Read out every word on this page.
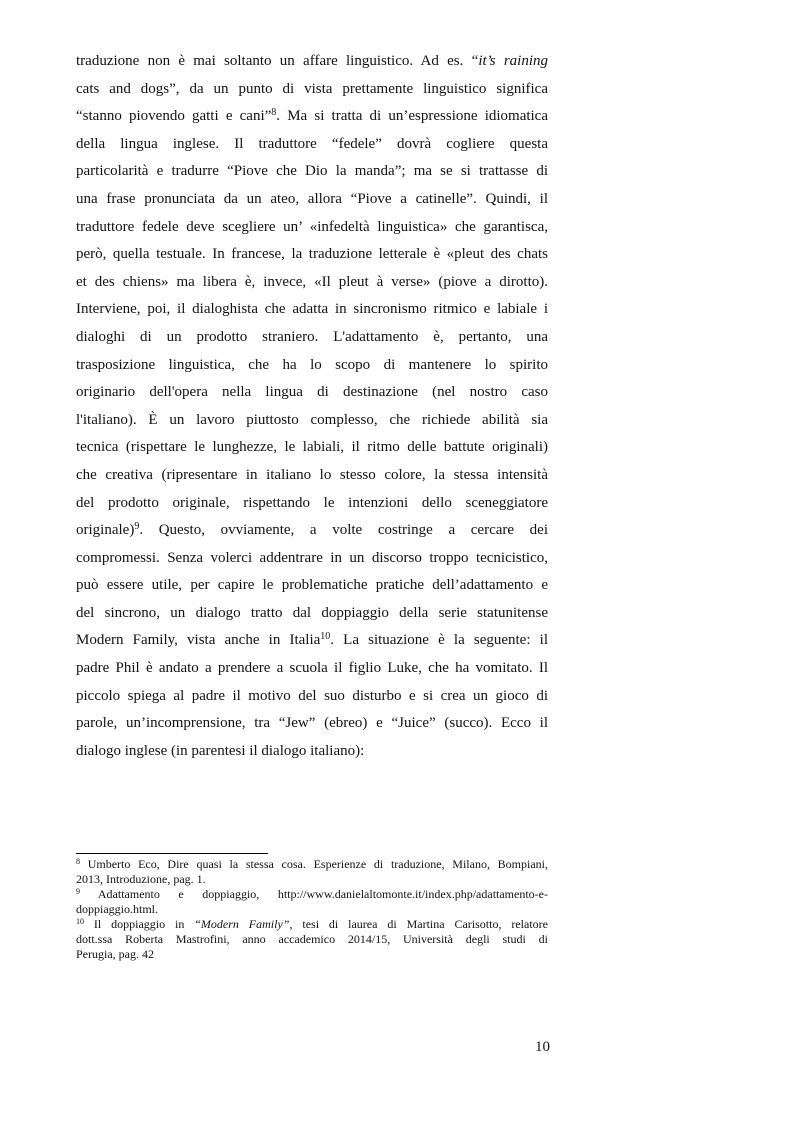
traduzione non è mai soltanto un affare linguistico. Ad es. “it’s raining
cats and dogs”, da un punto di vista prettamente linguistico significa
“stanno piovendo gatti e cani”$^8$. Ma si tratta di un’espressione idiomatica
della lingua inglese. Il traduttore “fedele” dovrà cogliere questa
particolarità e tradurre “Piove che Dio la manda”; ma se si trattasse di
una frase pronunciata da un ateo, allora “Piove a catinelle”. Quindi, il
traduttore fedele deve scegliere un’ «infedeltà linguistica» che garantisca,
però, quella testuale. In francese, la traduzione letterale è «pleut des chats
et des chiens» ma libera è, invece, «Il pleut à verse» (piove a dirotto).
Interviene, poi, il dialoghista che adatta in sincronismo ritmico e labiale i
dialoghi di un prodotto straniero. L'adattamento è, pertanto, una
trasposizione linguistica, che ha lo scopo di mantenere lo spirito
originario dell'opera nella lingua di destinazione (nel nostro caso
l'italiano). È un lavoro piuttosto complesso, che richiede abilità sia
tecnica (rispettare le lunghezze, le labiali, il ritmo delle battute originali)
che creativa (ripresentare in italiano lo stesso colore, la stessa intensità
del prodotto originale, rispettando le intenzioni dello sceneggiatore
originale)$^9$. Questo, ovviamente, a volte costringe a cercare dei
compromessi. Senza volerci addentrare in un discorso troppo tecnicistico,
può essere utile, per capire le problematiche pratiche dell’adattamento e
del sincrono, un dialogo tratto dal doppiaggio della serie statunitense
Modern Family, vista anche in Italia$^{10}$. La situazione è la seguente: il
padre Phil è andato a prendere a scuola il figlio Luke, che ha vomitato. Il
piccolo spiega al padre il motivo del suo disturbo e si crea un gioco di
parole, un’incomprensione, tra “Jew” (ebreo) e “Juice” (succo). Ecco il
dialogo inglese (in parentesi il dialogo italiano):
$^8$ Umberto Eco, Dire quasi la stessa cosa. Esperienze di traduzione, Milano, Bompiani,
2013, Introduzione, pag. 1.
$^9$ Adattamento e doppiaggio, http://www.danielaltomonte.it/index.php/adattamento-e-
doppiaggio.html.
$^{10}$ Il doppiaggio in “Modern Family”, tesi di laurea di Martina Carisotto, relatore
dott.ssa Roberta Mastrofini, anno accademico 2014/15, Università degli studi di
Perugia, pag. 42
10
